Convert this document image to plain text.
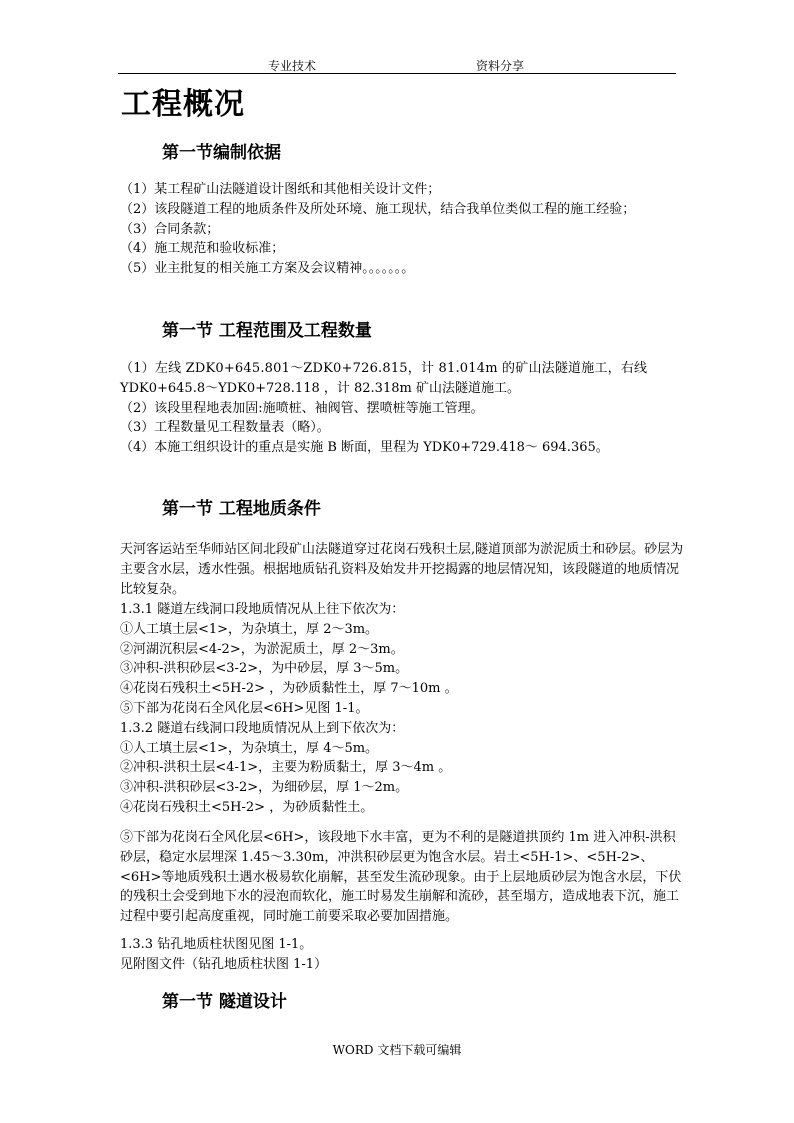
专业技术	资料分享
工程概况
第一节编制依据
（1）某工程矿山法隧道设计图纸和其他相关设计文件；
（2）该段隧道工程的地质条件及所处环境、施工现状，结合我单位类似工程的施工经验；
（3）合同条款；
（4）施工规范和验收标准；
（5）业主批复的相关施工方案及会议精神。。。。。。。
第一节 工程范围及工程数量
（1）左线 ZDK0+645.801～ZDK0+726.815，计 81.014m 的矿山法隧道施工，右线
YDK0+645.8～YDK0+728.118 ，计 82.318m 矿山法隧道施工。
（2）该段里程地表加固:施喷桩、袖阀管、摆喷桩等施工管理。
（3）工程数量见工程数量表（略）。
（4）本施工组织设计的重点是实施 B 断面，里程为 YDK0+729.418～ 694.365。
第一节 工程地质条件

天河客运站至华师站区间北段矿山法隧道穿过花岗石残积土层,隧道顶部为淤泥质土和砂层。砂层为主要含水层，透水性强。根据地质钻孔资料及始发井开挖揭露的地层情况知，该段隧道的地质情况比较复杂。

1.3.1 隧道左线洞口段地质情况从上往下依次为：
①人工填土层<1>，为杂填土，厚 2～3m。
②河湖沉积层<4-2>，为淤泥质土，厚 2～3m。
③冲积-洪积砂层<3-2>，为中砂层，厚 3～5m。
④花岗石残积土<5H-2> ，为砂质黏性土，厚 7～10m 。
⑤下部为花岗石全风化层<6H>见图 1-1。
1.3.2 隧道右线洞口段地质情况从上到下依次为：
①人工填土层<1>，为杂填土，厚 4～5m。
②冲积-洪积土层<4-1>，主要为粉质黏土，厚 3～4m 。
③冲积-洪积砂层<3-2>，为细砂层，厚 1～2m。
④花岗石残积土<5H-2> ，为砂质黏性土。

⑤下部为花岗石全风化层<6H>，该段地下水丰富，更为不利的是隧道拱顶约 1m 进入冲积-洪积砂层，稳定水层埋深 1.45～3.30m，冲洪积砂层更为饱含水层。岩土<5H-1>、<5H-2>、<6H>等地质残积土遇水极易软化崩解，甚至发生流砂现象。由于上层地质砂层为饱含水层，下伏的残积土会受到地下水的浸泡而软化，施工时易发生崩解和流砂，甚至塌方，造成地表下沉，施工过程中要引起高度重视，同时施工前要采取必要加固措施。

1.3.3 钻孔地质柱状图见图 1-1。
见附图文件（钻孔地质柱状图 1-1）
第一节 隧道设计
WORD 文档下载可编辑
